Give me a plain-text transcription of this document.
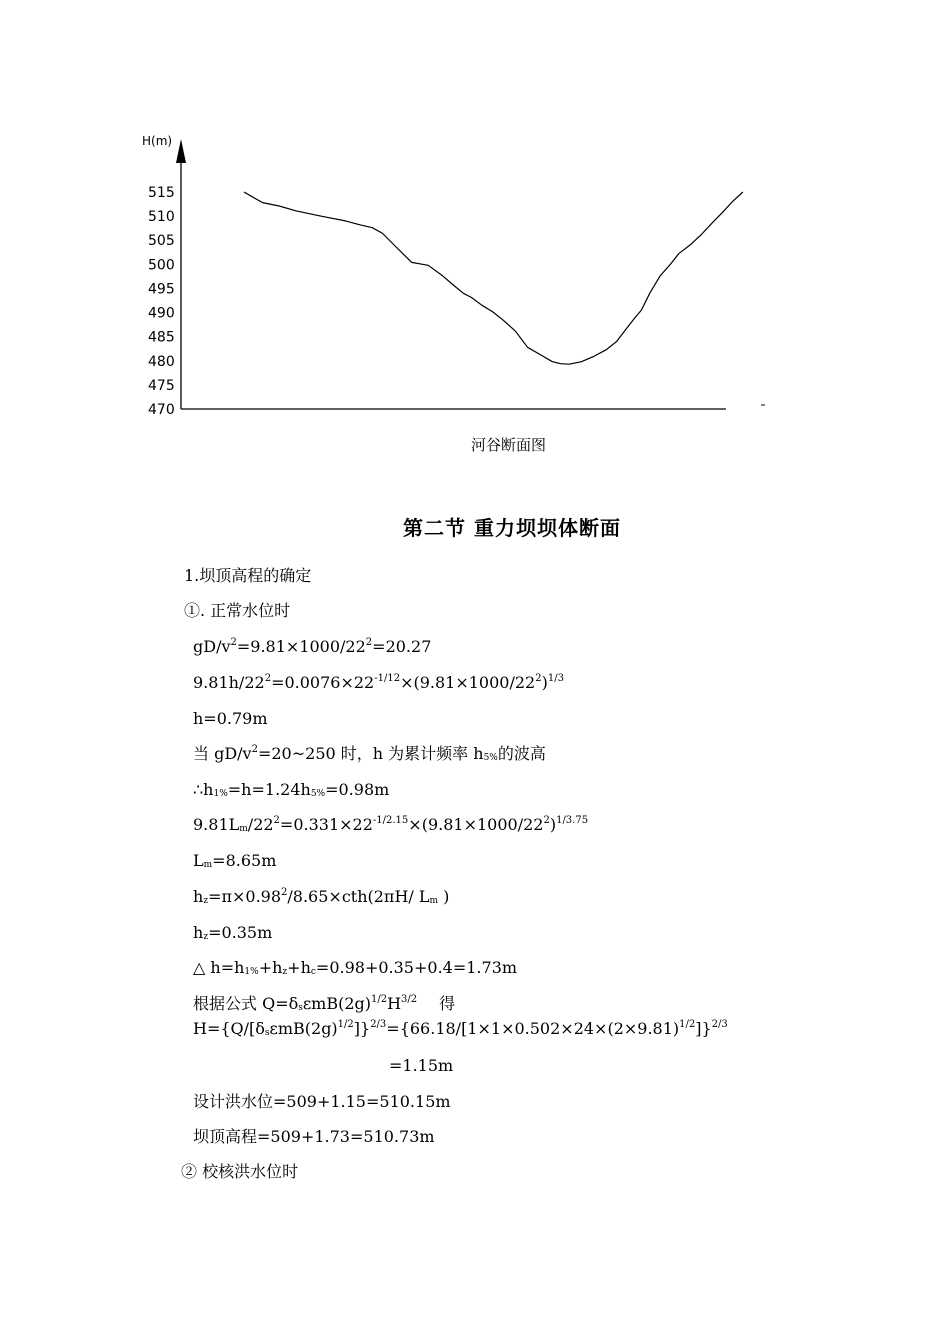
H(m)
515
510
505
500
495
490
485
480
475
470
河谷断面图
第二节 重力坝坝体断面
1.坝顶高程的确定
①. 正常水位时
$gD/v^2=9.81\times 1000/22^2=20.27$
$9.81h/22^2=0.0076\times 22^{-1/12}\times(9.81\times 1000/22^2)^{1/3}$
h=0.79m
当 $gD/v^2=20\sim 250$ 时，h 为累计频率 $h_{5\%}$的波高
$\therefore h_{1\%}=h=1.24h_{5\%}=0.98m$
$9.81L_m/22^2=0.331\times 22^{-1/2.15}\times(9.81\times 1000/22^2)^{1/3.75}$
$L_m=8.65m$
$h_z=\pi\times 0.98^2/8.65\times cth(2\pi H/$ $L_m$ )
$h_z=0.35m$
△ $h=h_{1\%}+h_z+h_c=0.98+0.35+0.4=1.73m$
根据公式 $Q=\delta_s\varepsilon mB(2g)^{1/2}H^{3/2}$ 得
$H=\{Q/[\delta_s\varepsilon mB(2g)^{1/2}]\}^{2/3}=\{66.18/[1\times 1\times 0.502\times 24\times(2\times 9.81)^{1/2}]\}^{2/3}$
=1.15m
设计洪水位=509+1.15=510.15m
坝顶高程=509+1.73=510.73m
② 校核洪水位时
